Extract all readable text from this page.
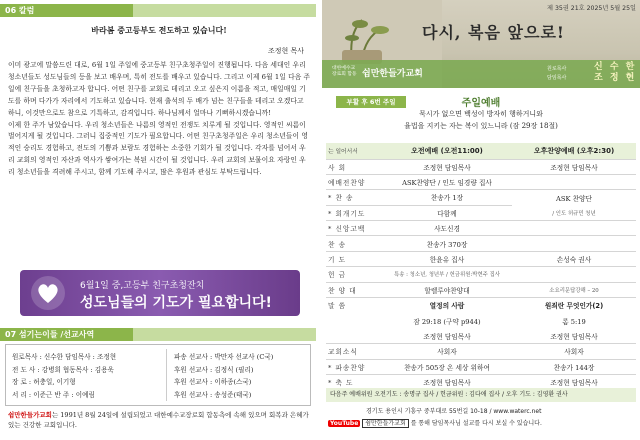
06 칼럼
바라봄 중고등부도 전도하고 있습니다!
조정현 목사

이미 광고에 말씀드린 대로, 6월 1일 주일에 중고등부 친구초청주일이 진행됩니다. 다음 세대인 우리 청소년들도 성도님들의 등을 보고 배우며, 특히 전도를 배우고 있습니다. 그리고 이제 6월 1일 다음 주일에 친구들을 초청하고자 합니다. 어떤 친구를 교회로 데리고 오고 싶은지 이름을 적고, 매일매일 기도를 하며 다가가 자리에서 기도하고 있습니다. 현재 출석의 두 배가 넘는 친구들을 데리고 오겠다고 하니, 이것만으로도 참으로 기특하고, 감격입니다. 하나님께서 얼마나 기뻐하시겠습니까!

이제 한 주가 남았습니다. 우리 청소년들은 나름의 영적인 전쟁도 치루게 될 것입니다. 영적인 씨름이 벌어지게 될 것입니다. 그러니 집중적인 기도가 필요합니다. 어떤 친구초청주일은 우리 청소년들이 영적인 승리도 경험하고, 전도의 기쁨과 보람도 경험하는 소중한 기회가 될 것입니다. 각자를 넘어서 우리 교회의 영적인 자산과 역사가 쌓여가는 복된 시간이 될 것입니다. 우리 교회의 보물이요 자랑인 우리 청소년들을 격려해 주시고, 함께 기도해 주시고, 많은 후원과 관심도 부탁드립니다.

6월1일 중,고등부 친구초청잔치
성도님들의 기도가 필요합니다!
07 섬기는이들 /선교사역
원로목사 : 신수한 담임목사 : 조정현
전 도 사 : 강병희 협동목사 : 김용욱
장 로 : 허충일, 이기형
서 리 : 이준근 반 주 : 이예림
파송 선교사 : 박만자 선교사 (C국)
후원 선교사 : 김정식 (필리)
후원 선교사 : 이하종(스국)
후원 선교사 : 송성준(태국)
쉼만한들가교회는 1991년 8월 24일에 설립되었고 대한예수교장로회 합동측에 속해 있으며 회복과 은혜가 있는 건강한 교회입니다.
제 35권 21호 2025년 5월 25일
다시, 복음 앞으로!
대한예수교
장로회 합동 쉼만한들가교회	원로목사
담임목사
신 수 한
조 정 현
주일예배
부활 후 6번 주일
묵시가 없으면 백성이 방자히 행하거니와
율법을 지키는 자는 복이 있느니라 (잠 29장 18절)
는 일어서서	오전예배 (오전11:00)	오후찬양예배 (오후2:30)
사 회	조정현 담임목사	조정현 담임목사
예배전찬양	ASK찬양단 / 인도 임경량 집사	
* 찬 송	찬송가 1장	ASK 찬양단
* 회개기도	다함께	/ 인도 허규민 청년
* 신앙고백	사도신경	
찬 송	찬송가 370장	
기 도	한윤유 집사	손성숙 권사
헌 금	특송 : 청소년, 청년부 / 헌금위원:박현주 집사	
찬 양 대	할렐루야찬양대	소요리문답강해 – 20
말 씀	열정의 사람	원죄란 무엇인가(2)
	잠 29:18 (구약 p944)	롬 5:19
	조정현 담임목사	조정현 담임목사
교회소식	사회자	사회자
* 파송찬양	찬송가 505장 온 세상 위하여	찬송가 144장
* 축 도	조정현 담임목사	조정현 담임목사
다음주 예배위원 오전기도 : 송명규 집사 / 헌금위원 : 김다애 집사 / 오후 기도 : 김영환 권사
경기도 용인시 기흥구 중부대로 55번길 10-18 / www.waterc.net
YouTube 쉼만한들가교회 를 통해 담임목사님 설교를 다시 보실 수 있습니다.
